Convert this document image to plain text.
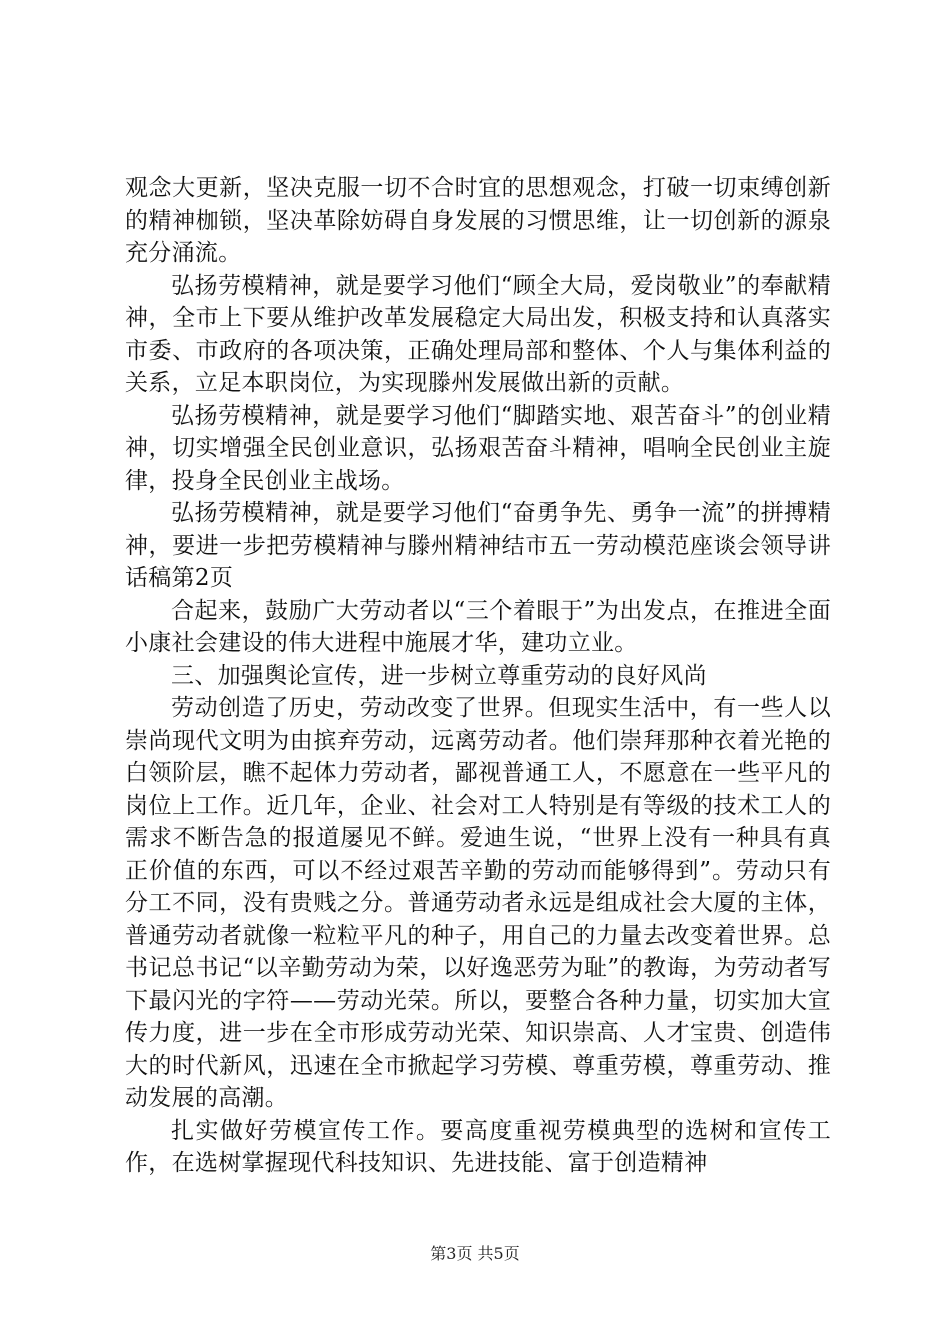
观念大更新，坚决克服一切不合时宜的思想观念，打破一切束缚创新的精神枷锁，坚决革除妨碍自身发展的习惯思维，让一切创新的源泉充分涌流。

弘扬劳模精神，就是要学习他们“顾全大局，爱岗敬业”的奉献精神，全市上下要从维护改革发展稳定大局出发，积极支持和认真落实市委、市政府的各项决策，正确处理局部和整体、个人与集体利益的关系，立足本职岗位，为实现滕州发展做出新的贡献。

弘扬劳模精神，就是要学习他们“脚踏实地、艰苦奋斗”的创业精神，切实增强全民创业意识，弘扬艰苦奋斗精神，唱响全民创业主旋律，投身全民创业主战场。

弘扬劳模精神，就是要学习他们“奋勇争先、勇争一流”的拼搏精神，要进一步把劳模精神与滕州精神结市五一劳动模范座谈会领导讲话稿第2页

合起来，鼓励广大劳动者以“三个着眼于”为出发点，在推进全面小康社会建设的伟大进程中施展才华，建功立业。

三、加强舆论宣传，进一步树立尊重劳动的良好风尚

劳动创造了历史，劳动改变了世界。但现实生活中，有一些人以崇尚现代文明为由摈弃劳动，远离劳动者。他们崇拜那种衣着光艳的白领阶层，瞧不起体力劳动者，鄙视普通工人，不愿意在一些平凡的岗位上工作。近几年，企业、社会对工人特别是有等级的技术工人的需求不断告急的报道屡见不鲜。爱迪生说，“世界上没有一种具有真正价值的东西，可以不经过艰苦辛勤的劳动而能够得到”。劳动只有分工不同，没有贵贱之分。普通劳动者永远是组成社会大厦的主体，普通劳动者就像一粒粒平凡的种子，用自己的力量去改变着世界。总书记总书记“以辛勤劳动为荣，以好逸恶劳为耻”的教诲，为劳动者写下最闪光的字符——劳动光荣。所以，要整合各种力量，切实加大宣传力度，进一步在全市形成劳动光荣、知识崇高、人才宝贵、创造伟大的时代新风，迅速在全市掀起学习劳模、尊重劳模，尊重劳动、推动发展的高潮。

扎实做好劳模宣传工作。要高度重视劳模典型的选树和宣传工作，在选树掌握现代科技知识、先进技能、富于创造精神

第3页 共5页
